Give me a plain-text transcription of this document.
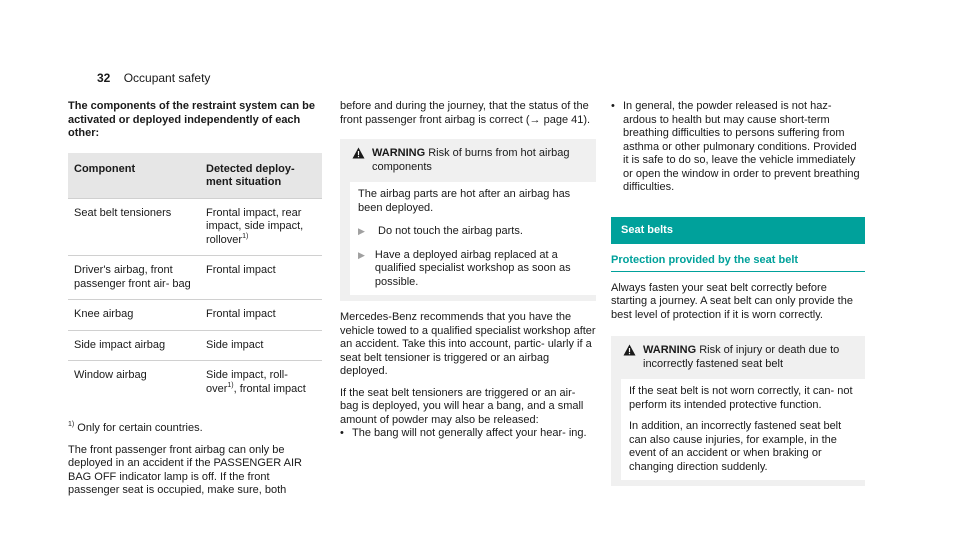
32 Occupant safety

The components of the restraint system can be activated or deployed independently of each other:

Component	Detected deploy- ment situation
Seat belt tensioners	Frontal impact, rear impact, side impact, rollover$^{1)}$
Driver's airbag, front passenger front air- bag	Frontal impact
Knee airbag	Frontal impact
Side impact airbag	Side impact
Window airbag	Side impact, roll- over$^{1)}$, frontal impact

$^{1)}$ Only for certain countries.

The front passenger front airbag can only be deployed in an accident if the PASSENGER AIR BAG OFF indicator lamp is off. If the front passenger seat is occupied, make sure, both

before and during the journey, that the status of the front passenger front airbag is correct (→ page 41).

WARNING Risk of burns from hot airbag components

The airbag parts are hot after an airbag has been deployed.

▶ Do not touch the airbag parts.
▶ Have a deployed airbag replaced at a qualified specialist workshop as soon as possible.

Mercedes-Benz recommends that you have the vehicle towed to a qualified specialist workshop after an accident. Take this into account, partic- ularly if a seat belt tensioner is triggered or an airbag deployed.

If the seat belt tensioners are triggered or an air- bag is deployed, you will hear a bang, and a small amount of powder may also be released:

• The bang will not generally affect your hear- ing.
• In general, the powder released is not haz- ardous to health but may cause short-term breathing difficulties to persons suffering from asthma or other pulmonary conditions. Provided it is safe to do so, leave the vehicle immediately or open the window in order to prevent breathing difficulties.
Seat belts
Protection provided by the seat belt

Always fasten your seat belt correctly before starting a journey. A seat belt can only provide the best level of protection if it is worn correctly.

WARNING Risk of injury or death due to incorrectly fastened seat belt

If the seat belt is not worn correctly, it can- not perform its intended protective function.

In addition, an incorrectly fastened seat belt can also cause injuries, for example, in the event of an accident or when braking or changing direction suddenly.
